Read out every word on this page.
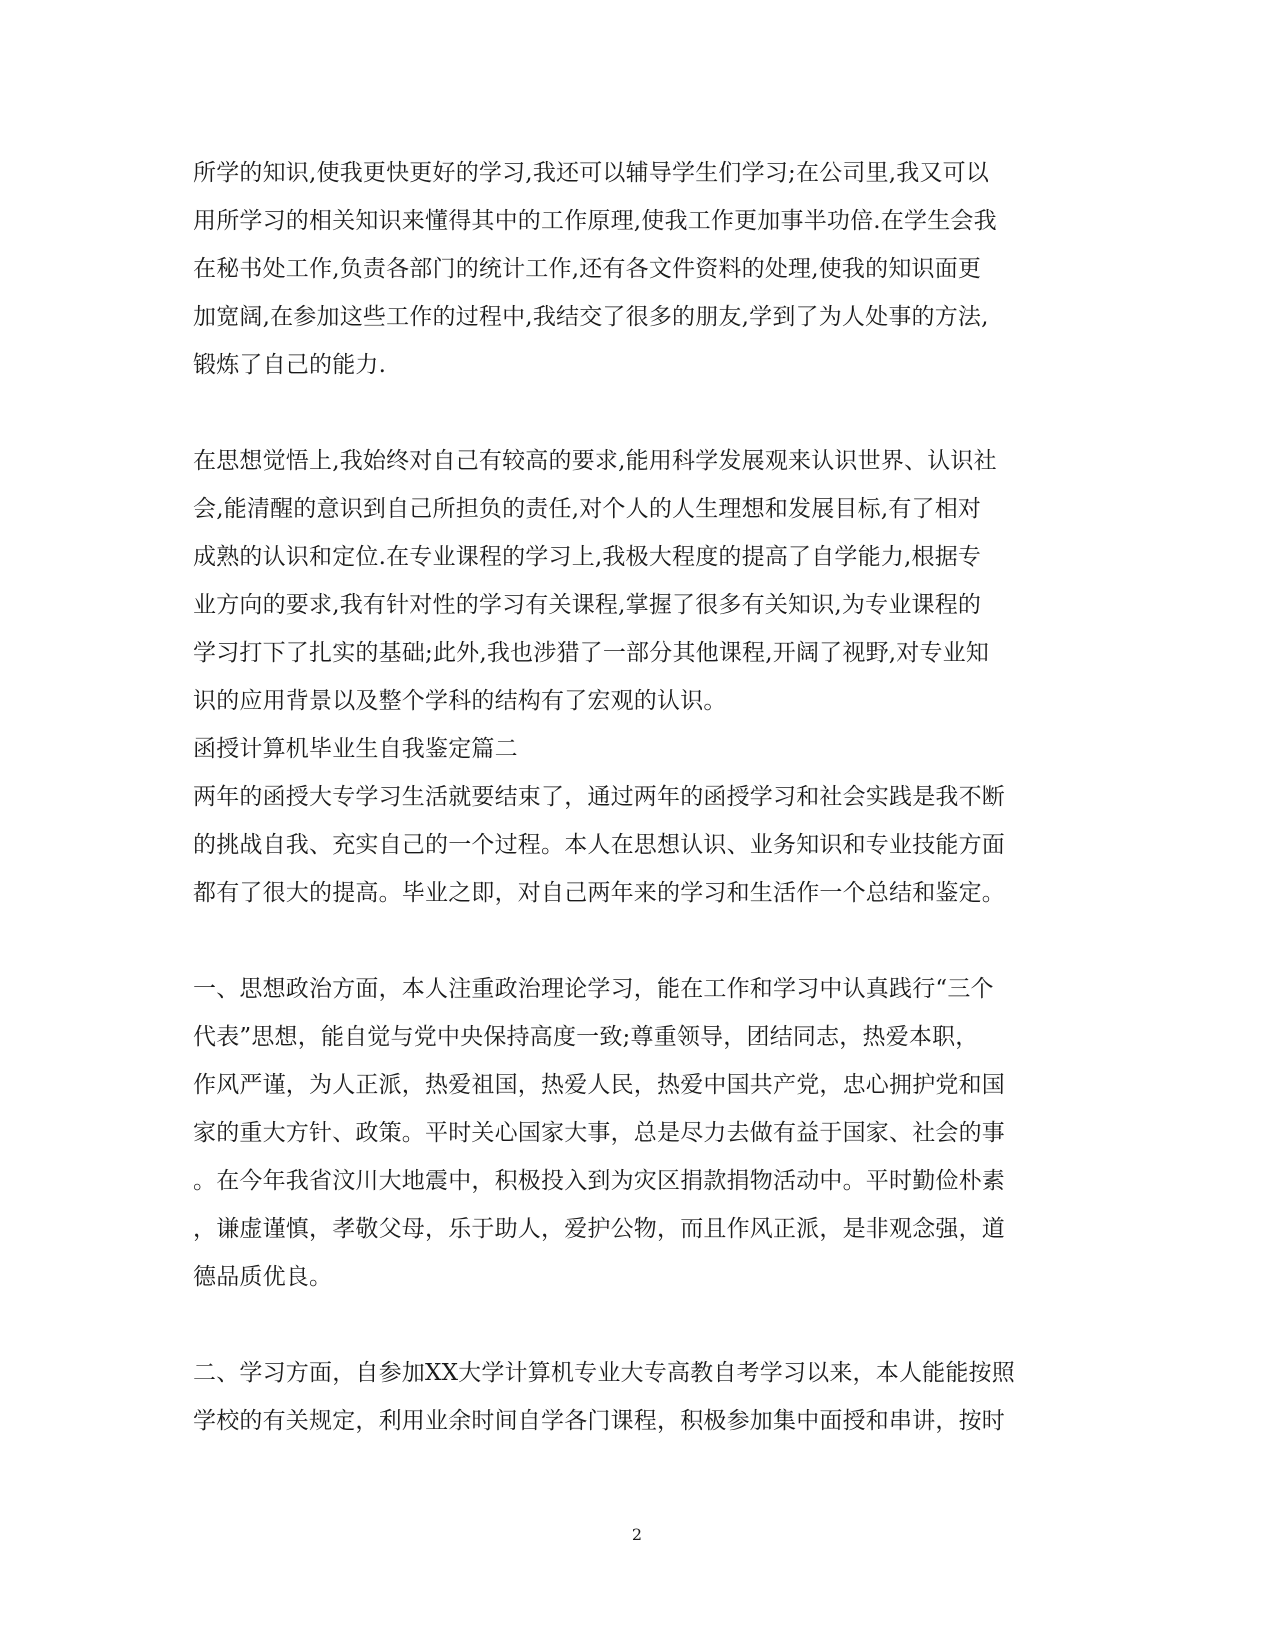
所学的知识,使我更快更好的学习,我还可以辅导学生们学习;在公司里,我又可以
用所学习的相关知识来懂得其中的工作原理,使我工作更加事半功倍.在学生会我
在秘书处工作,负责各部门的统计工作,还有各文件资料的处理,使我的知识面更
加宽阔,在参加这些工作的过程中,我结交了很多的朋友,学到了为人处事的方法,
锻炼了自己的能力.
在思想觉悟上,我始终对自己有较高的要求,能用科学发展观来认识世界、认识社
会,能清醒的意识到自己所担负的责任,对个人的人生理想和发展目标,有了相对
成熟的认识和定位.在专业课程的学习上,我极大程度的提高了自学能力,根据专
业方向的要求,我有针对性的学习有关课程,掌握了很多有关知识,为专业课程的
学习打下了扎实的基础;此外,我也涉猎了一部分其他课程,开阔了视野,对专业知
识的应用背景以及整个学科的结构有了宏观的认识。
函授计算机毕业生自我鉴定篇二
两年的函授大专学习生活就要结束了，通过两年的函授学习和社会实践是我不断
的挑战自我、充实自己的一个过程。本人在思想认识、业务知识和专业技能方面
都有了很大的提高。毕业之即，对自己两年来的学习和生活作一个总结和鉴定。
一、思想政治方面，本人注重政治理论学习，能在工作和学习中认真践行“三个
代表”思想，能自觉与党中央保持高度一致;尊重领导，团结同志，热爱本职，
作风严谨，为人正派，热爱祖国，热爱人民，热爱中国共产党，忠心拥护党和国
家的重大方针、政策。平时关心国家大事，总是尽力去做有益于国家、社会的事
。在今年我省汶川大地震中，积极投入到为灾区捐款捐物活动中。平时勤俭朴素
，谦虚谨慎，孝敬父母，乐于助人，爱护公物，而且作风正派，是非观念强，道
德品质优良。
二、学习方面，自参加XX大学计算机专业大专高教自考学习以来，本人能能按照
学校的有关规定，利用业余时间自学各门课程，积极参加集中面授和串讲，按时
2
